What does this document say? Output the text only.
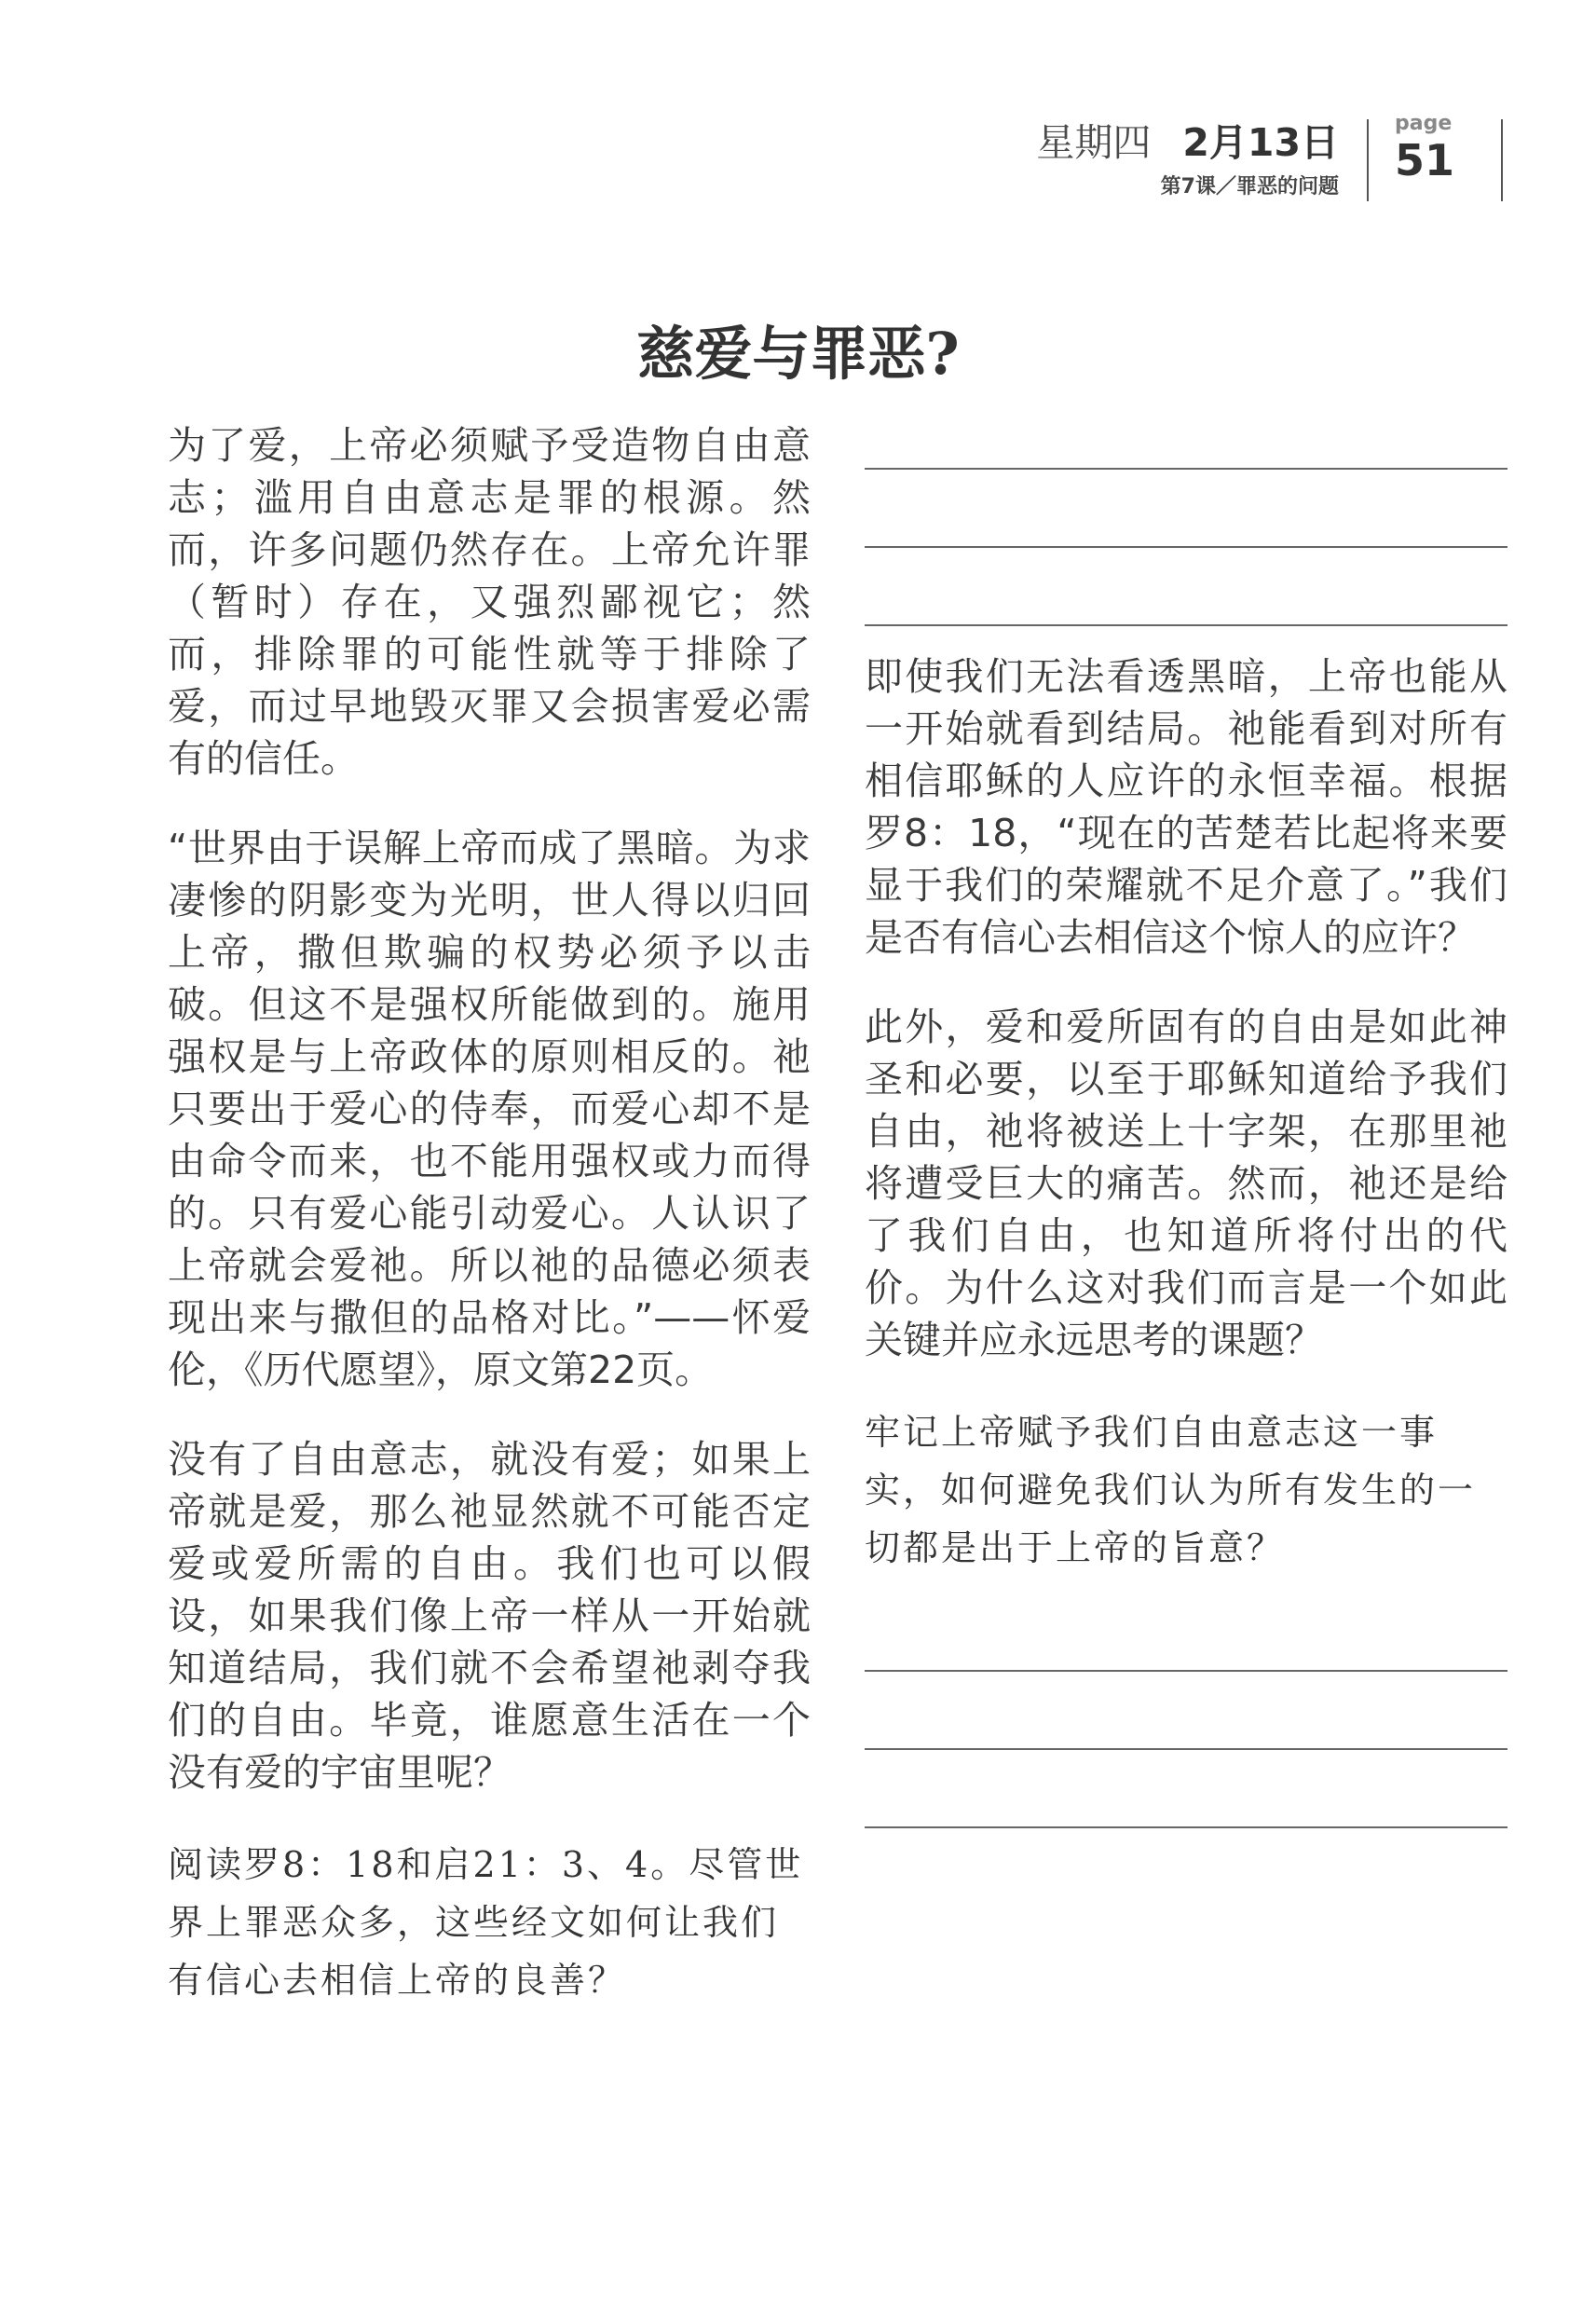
星期四 2月13日
第7课／罪恶的问题
page
51
慈爱与罪恶?

为了爱，上帝必须赋予受造物自由意志；滥用自由意志是罪的根源。然而，许多问题仍然存在。上帝允许罪（暂时）存在，又强烈鄙视它；然而，排除罪的可能性就等于排除了爱，而过早地毁灭罪又会损害爱必需有的信任。

“世界由于误解上帝而成了黑暗。为求凄惨的阴影变为光明，世人得以归回上帝，撒但欺骗的权势必须予以击破。但这不是强权所能做到的。施用强权是与上帝政体的原则相反的。祂只要出于爱心的侍奉，而爱心却不是由命令而来，也不能用强权或力而得的。只有爱心能引动爱心。人认识了上帝就会爱祂。所以祂的品德必须表现出来与撒但的品格对比。”——怀爱伦，《历代愿望》，原文第22页。

没有了自由意志，就没有爱；如果上帝就是爱，那么祂显然就不可能否定爱或爱所需的自由。我们也可以假设，如果我们像上帝一样从一开始就知道结局，我们就不会希望祂剥夺我们的自由。毕竟，谁愿意生活在一个没有爱的宇宙里呢？

阅读罗8：18和启21：3、4。尽管世界上罪恶众多，这些经文如何让我们有信心去相信上帝的良善？

即使我们无法看透黑暗，上帝也能从一开始就看到结局。祂能看到对所有相信耶稣的人应许的永恒幸福。根据罗8：18，“现在的苦楚若比起将来要显于我们的荣耀就不足介意了。”我们是否有信心去相信这个惊人的应许？

此外，爱和爱所固有的自由是如此神圣和必要，以至于耶稣知道给予我们自由，祂将被送上十字架，在那里祂将遭受巨大的痛苦。然而，祂还是给了我们自由，也知道所将付出的代价。为什么这对我们而言是一个如此关键并应永远思考的课题？

牢记上帝赋予我们自由意志这一事实，如何避免我们认为所有发生的一切都是出于上帝的旨意？
